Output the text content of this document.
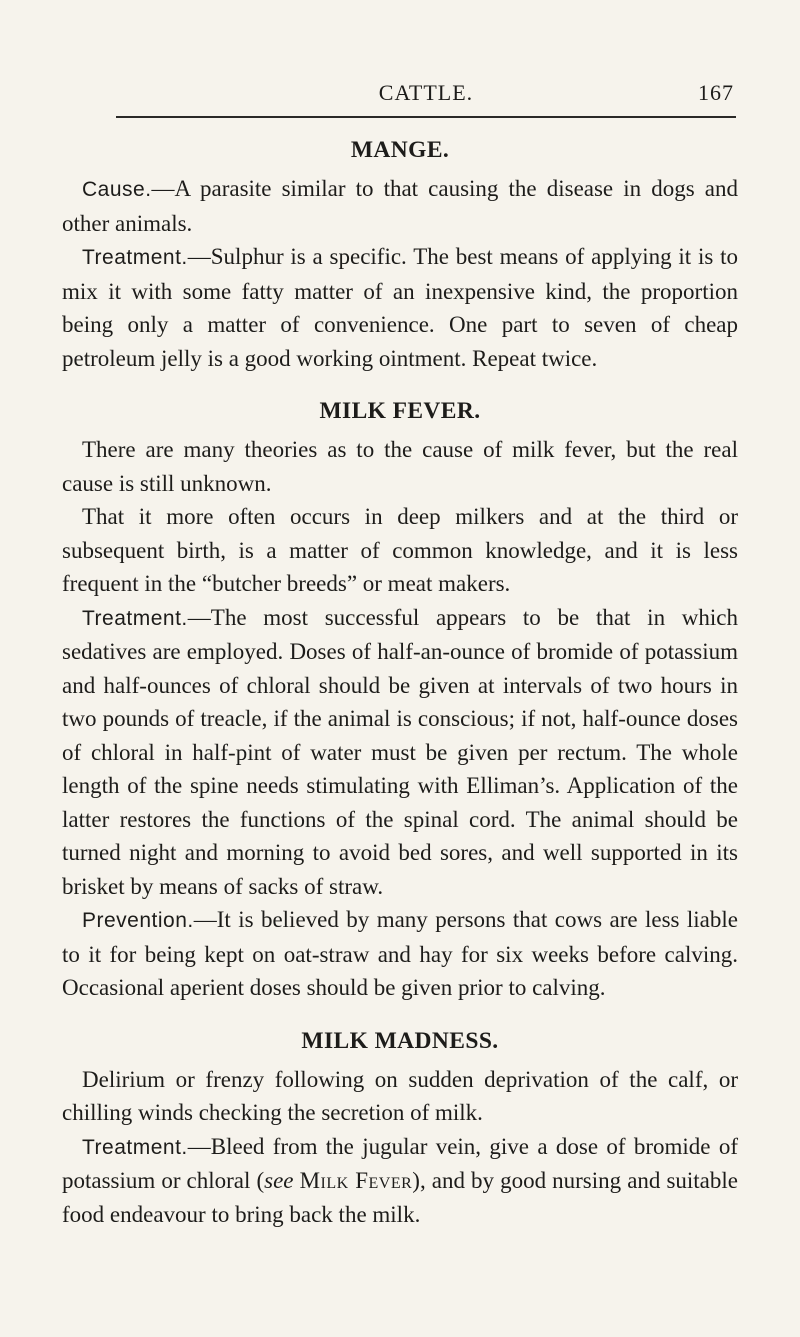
CATTLE.	167
MANGE.

Cause.—A parasite similar to that causing the disease in dogs and other animals.

Treatment.—Sulphur is a specific. The best means of applying it is to mix it with some fatty matter of an inexpensive kind, the proportion being only a matter of convenience. One part to seven of cheap petroleum jelly is a good working ointment. Repeat twice.

MILK FEVER.

There are many theories as to the cause of milk fever, but the real cause is still unknown.

That it more often occurs in deep milkers and at the third or subsequent birth, is a matter of common knowledge, and it is less frequent in the “butcher breeds” or meat makers.

Treatment.—The most successful appears to be that in which sedatives are employed. Doses of half-an-ounce of bromide of potassium and half-ounces of chloral should be given at intervals of two hours in two pounds of treacle, if the animal is conscious; if not, half-ounce doses of chloral in half-pint of water must be given per rectum. The whole length of the spine needs stimulating with Elliman’s. Application of the latter restores the functions of the spinal cord. The animal should be turned night and morning to avoid bed sores, and well supported in its brisket by means of sacks of straw.

Prevention.—It is believed by many persons that cows are less liable to it for being kept on oat-straw and hay for six weeks before calving. Occasional aperient doses should be given prior to calving.

MILK MADNESS.

Delirium or frenzy following on sudden deprivation of the calf, or chilling winds checking the secretion of milk.

Treatment.—Bleed from the jugular vein, give a dose of bromide of potassium or chloral (see Milk Fever), and by good nursing and suitable food endeavour to bring back the milk.
